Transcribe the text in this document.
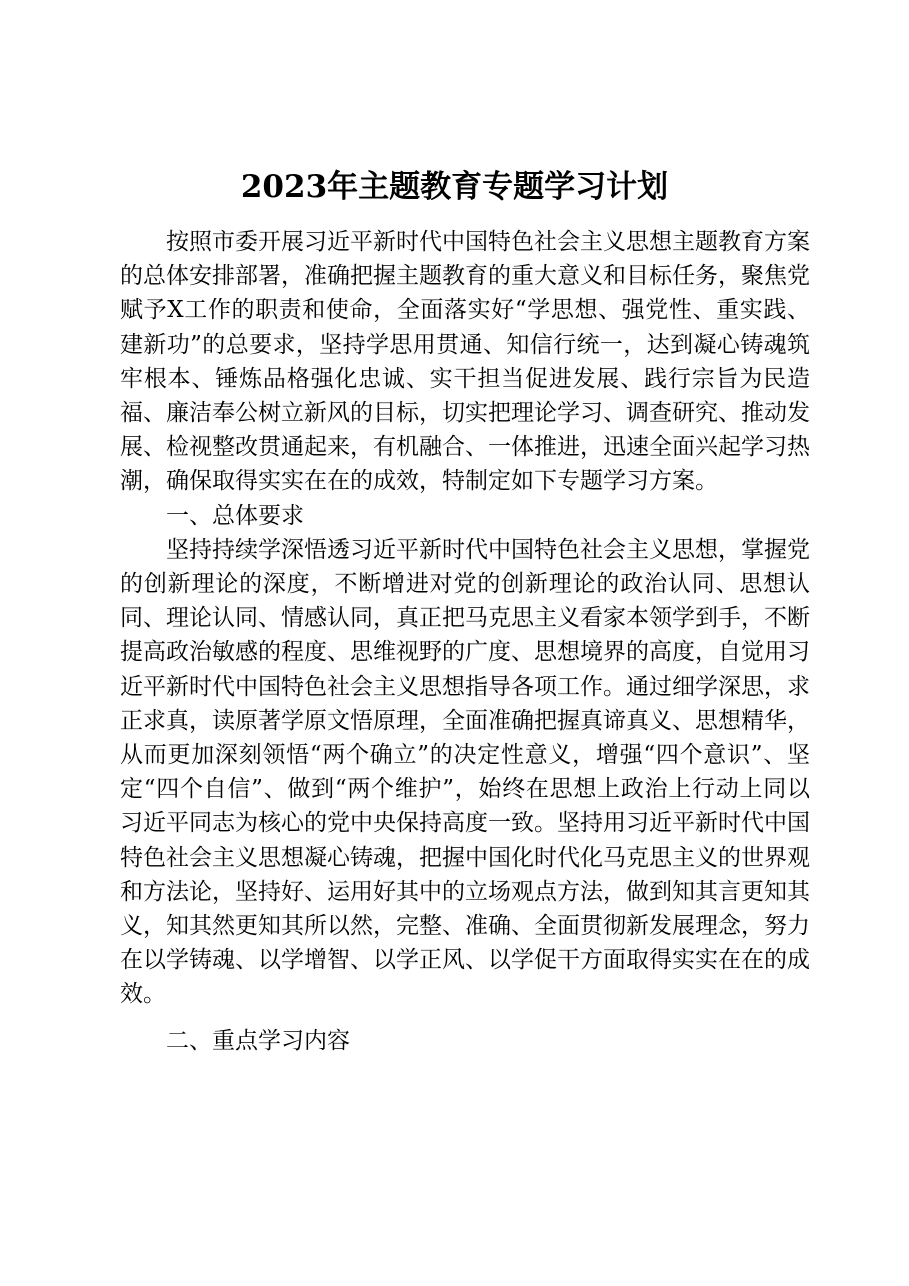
2023年主题教育专题学习计划

按照市委开展习近平新时代中国特色社会主义思想主题教育方案的总体安排部署，准确把握主题教育的重大意义和目标任务，聚焦党赋予X工作的职责和使命，全面落实好“学思想、强党性、重实践、建新功”的总要求，坚持学思用贯通、知信行统一，达到凝心铸魂筑牢根本、锤炼品格强化忠诚、实干担当促进发展、践行宗旨为民造福、廉洁奉公树立新风的目标，切实把理论学习、调查研究、推动发展、检视整改贯通起来，有机融合、一体推进，迅速全面兴起学习热潮，确保取得实实在在的成效，特制定如下专题学习方案。

一、总体要求

坚持持续学深悟透习近平新时代中国特色社会主义思想，掌握党的创新理论的深度，不断增进对党的创新理论的政治认同、思想认同、理论认同、情感认同，真正把马克思主义看家本领学到手，不断提高政治敏感的程度、思维视野的广度、思想境界的高度，自觉用习近平新时代中国特色社会主义思想指导各项工作。通过细学深思，求正求真，读原著学原文悟原理，全面准确把握真谛真义、思想精华，从而更加深刻领悟“两个确立”的决定性意义，增强“四个意识”、坚定“四个自信”、做到“两个维护”，始终在思想上政治上行动上同以习近平同志为核心的党中央保持高度一致。坚持用习近平新时代中国特色社会主义思想凝心铸魂，把握中国化时代化马克思主义的世界观和方法论，坚持好、运用好其中的立场观点方法，做到知其言更知其义，知其然更知其所以然，完整、准确、全面贯彻新发展理念，努力在以学铸魂、以学增智、以学正风、以学促干方面取得实实在在的成效。

二、重点学习内容
